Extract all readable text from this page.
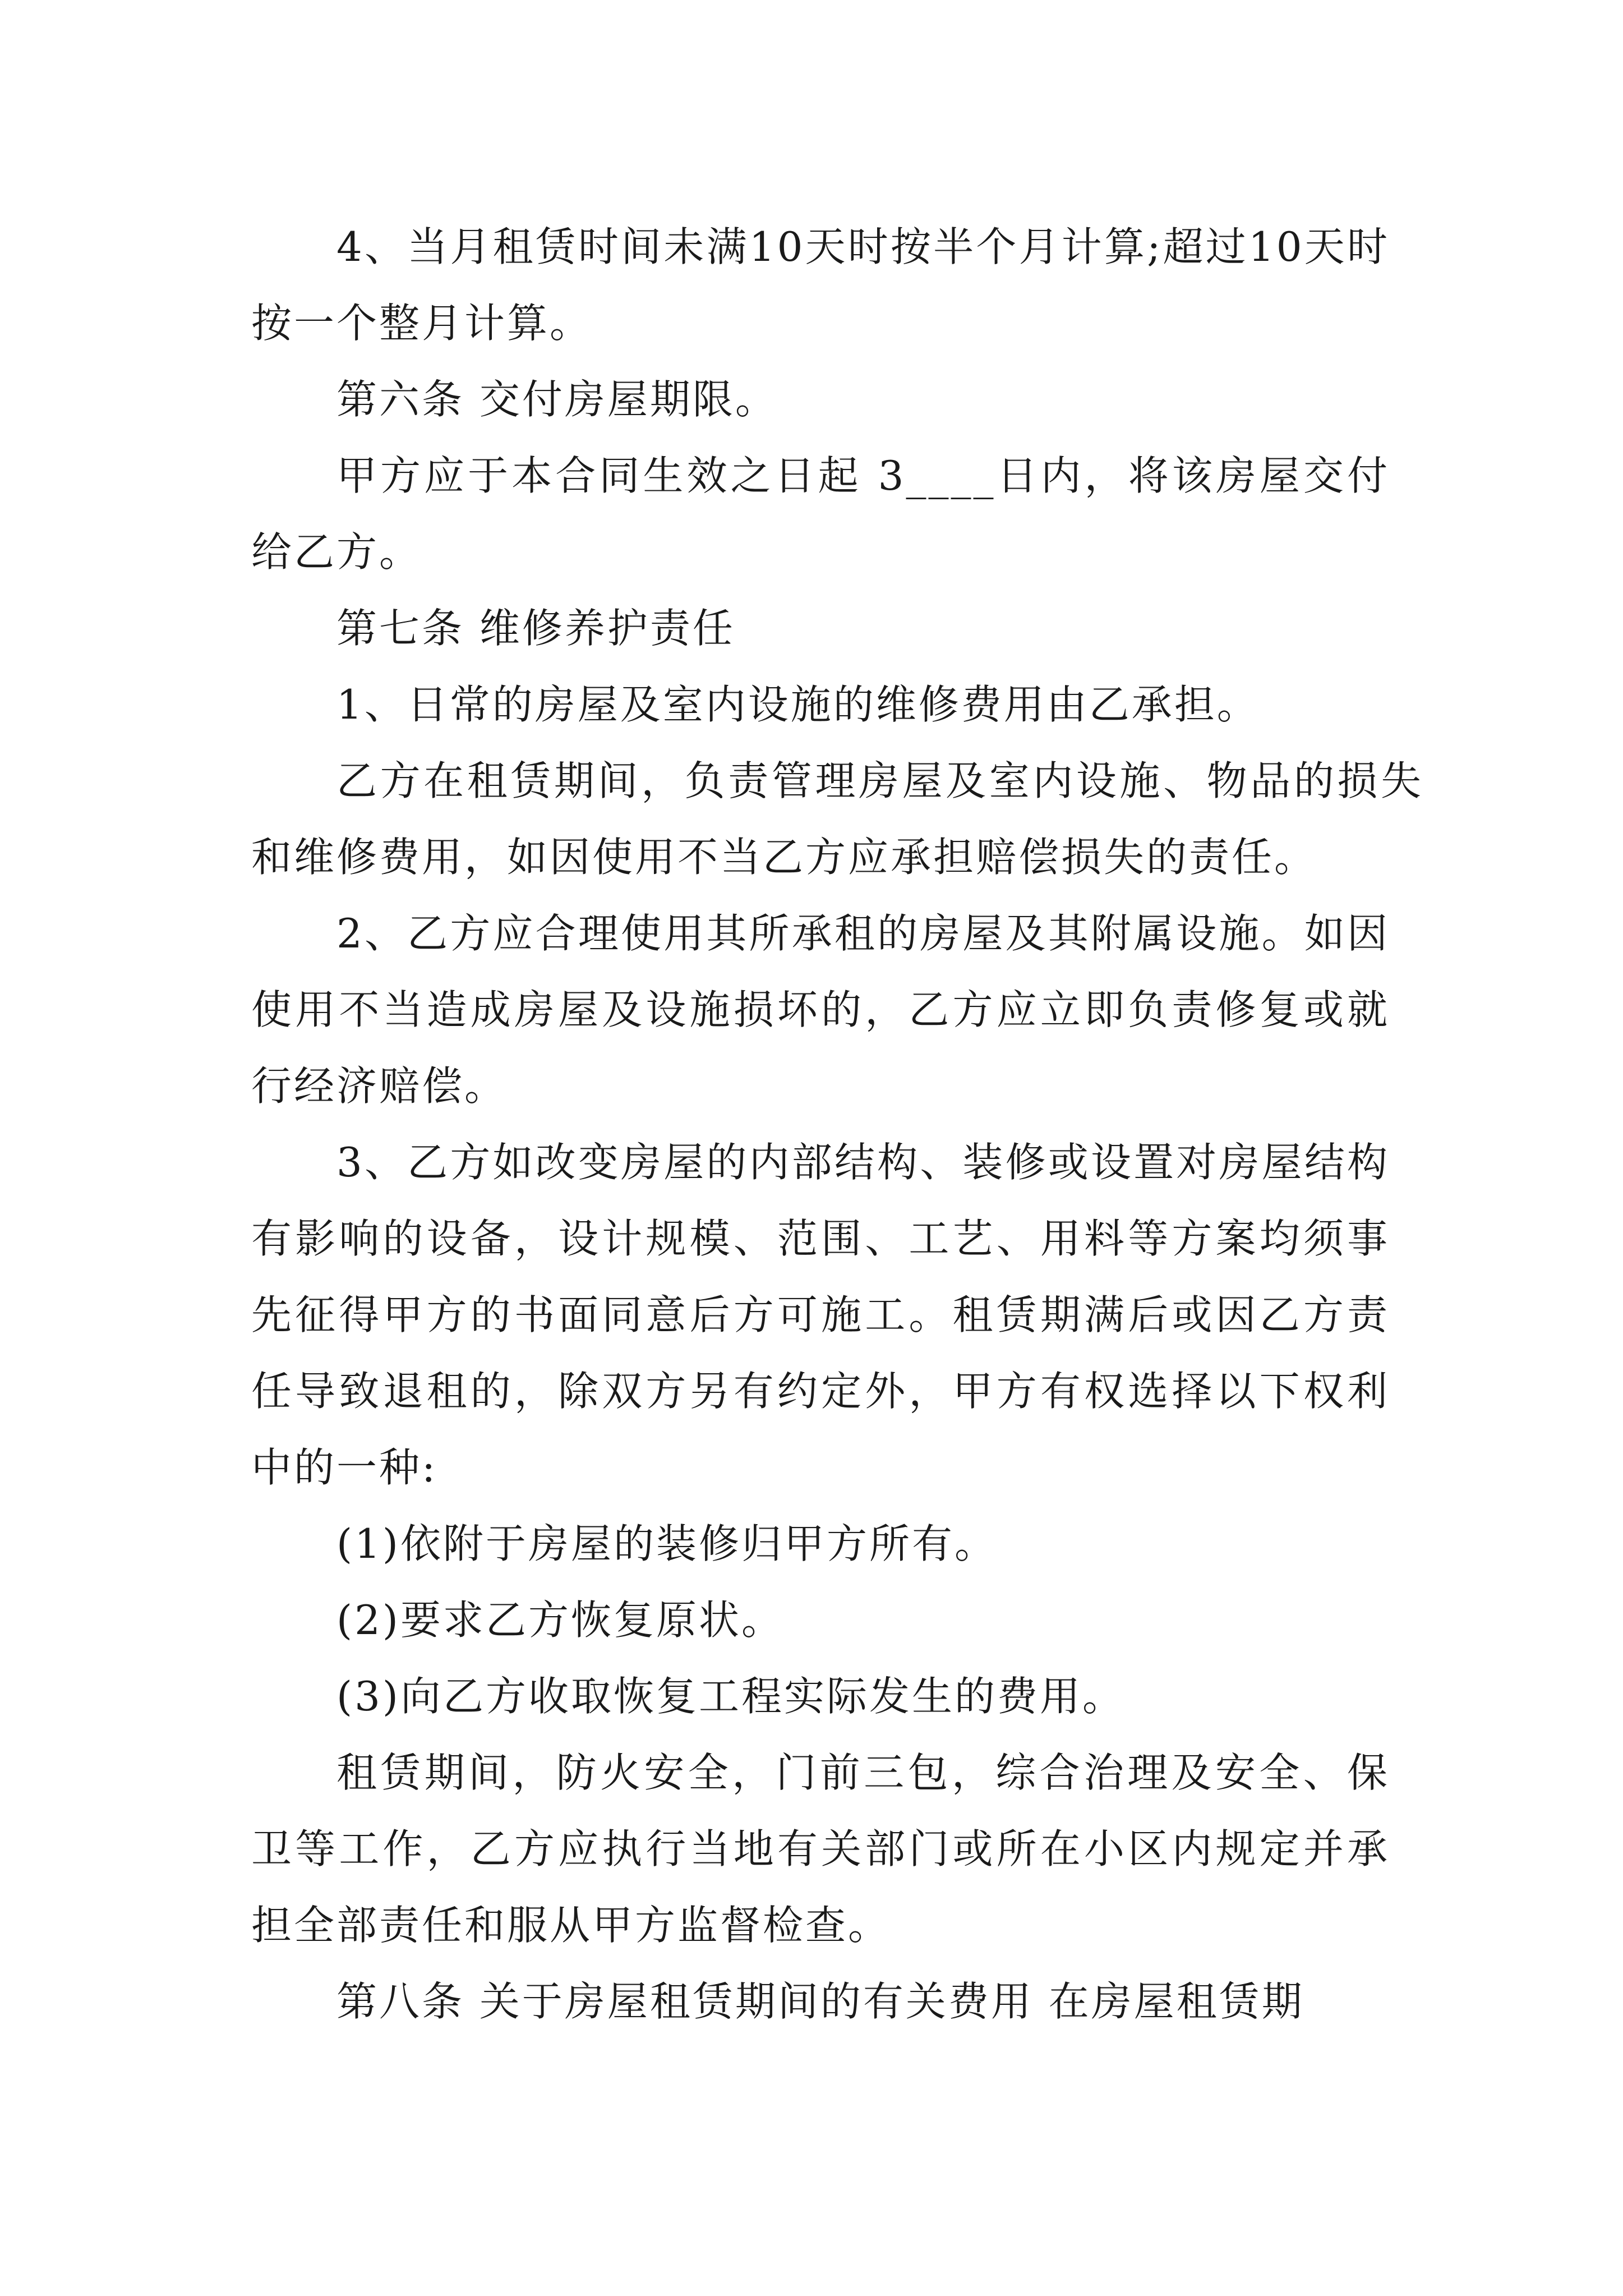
4、当月租赁时间未满10天时按半个月计算;超过10天时按一个整月计算。

第六条 交付房屋期限。

甲方应于本合同生效之日起 3____日内，将该房屋交付给乙方。

第七条 维修养护责任

1、日常的房屋及室内设施的维修费用由乙承担。

乙方在租赁期间，负责管理房屋及室内设施、物品的损失和维修费用，如因使用不当乙方应承担赔偿损失的责任。

2、乙方应合理使用其所承租的房屋及其附属设施。如因使用不当造成房屋及设施损坏的，乙方应立即负责修复或就行经济赔偿。

3、乙方如改变房屋的内部结构、装修或设置对房屋结构有影响的设备，设计规模、范围、工艺、用料等方案均须事先征得甲方的书面同意后方可施工。租赁期满后或因乙方责任导致退租的，除双方另有约定外，甲方有权选择以下权利中的一种:

(1)依附于房屋的装修归甲方所有。

(2)要求乙方恢复原状。

(3)向乙方收取恢复工程实际发生的费用。

租赁期间，防火安全，门前三包，综合治理及安全、保卫等工作，乙方应执行当地有关部门或所在小区内规定并承担全部责任和服从甲方监督检查。

第八条 关于房屋租赁期间的有关费用 在房屋租赁期
